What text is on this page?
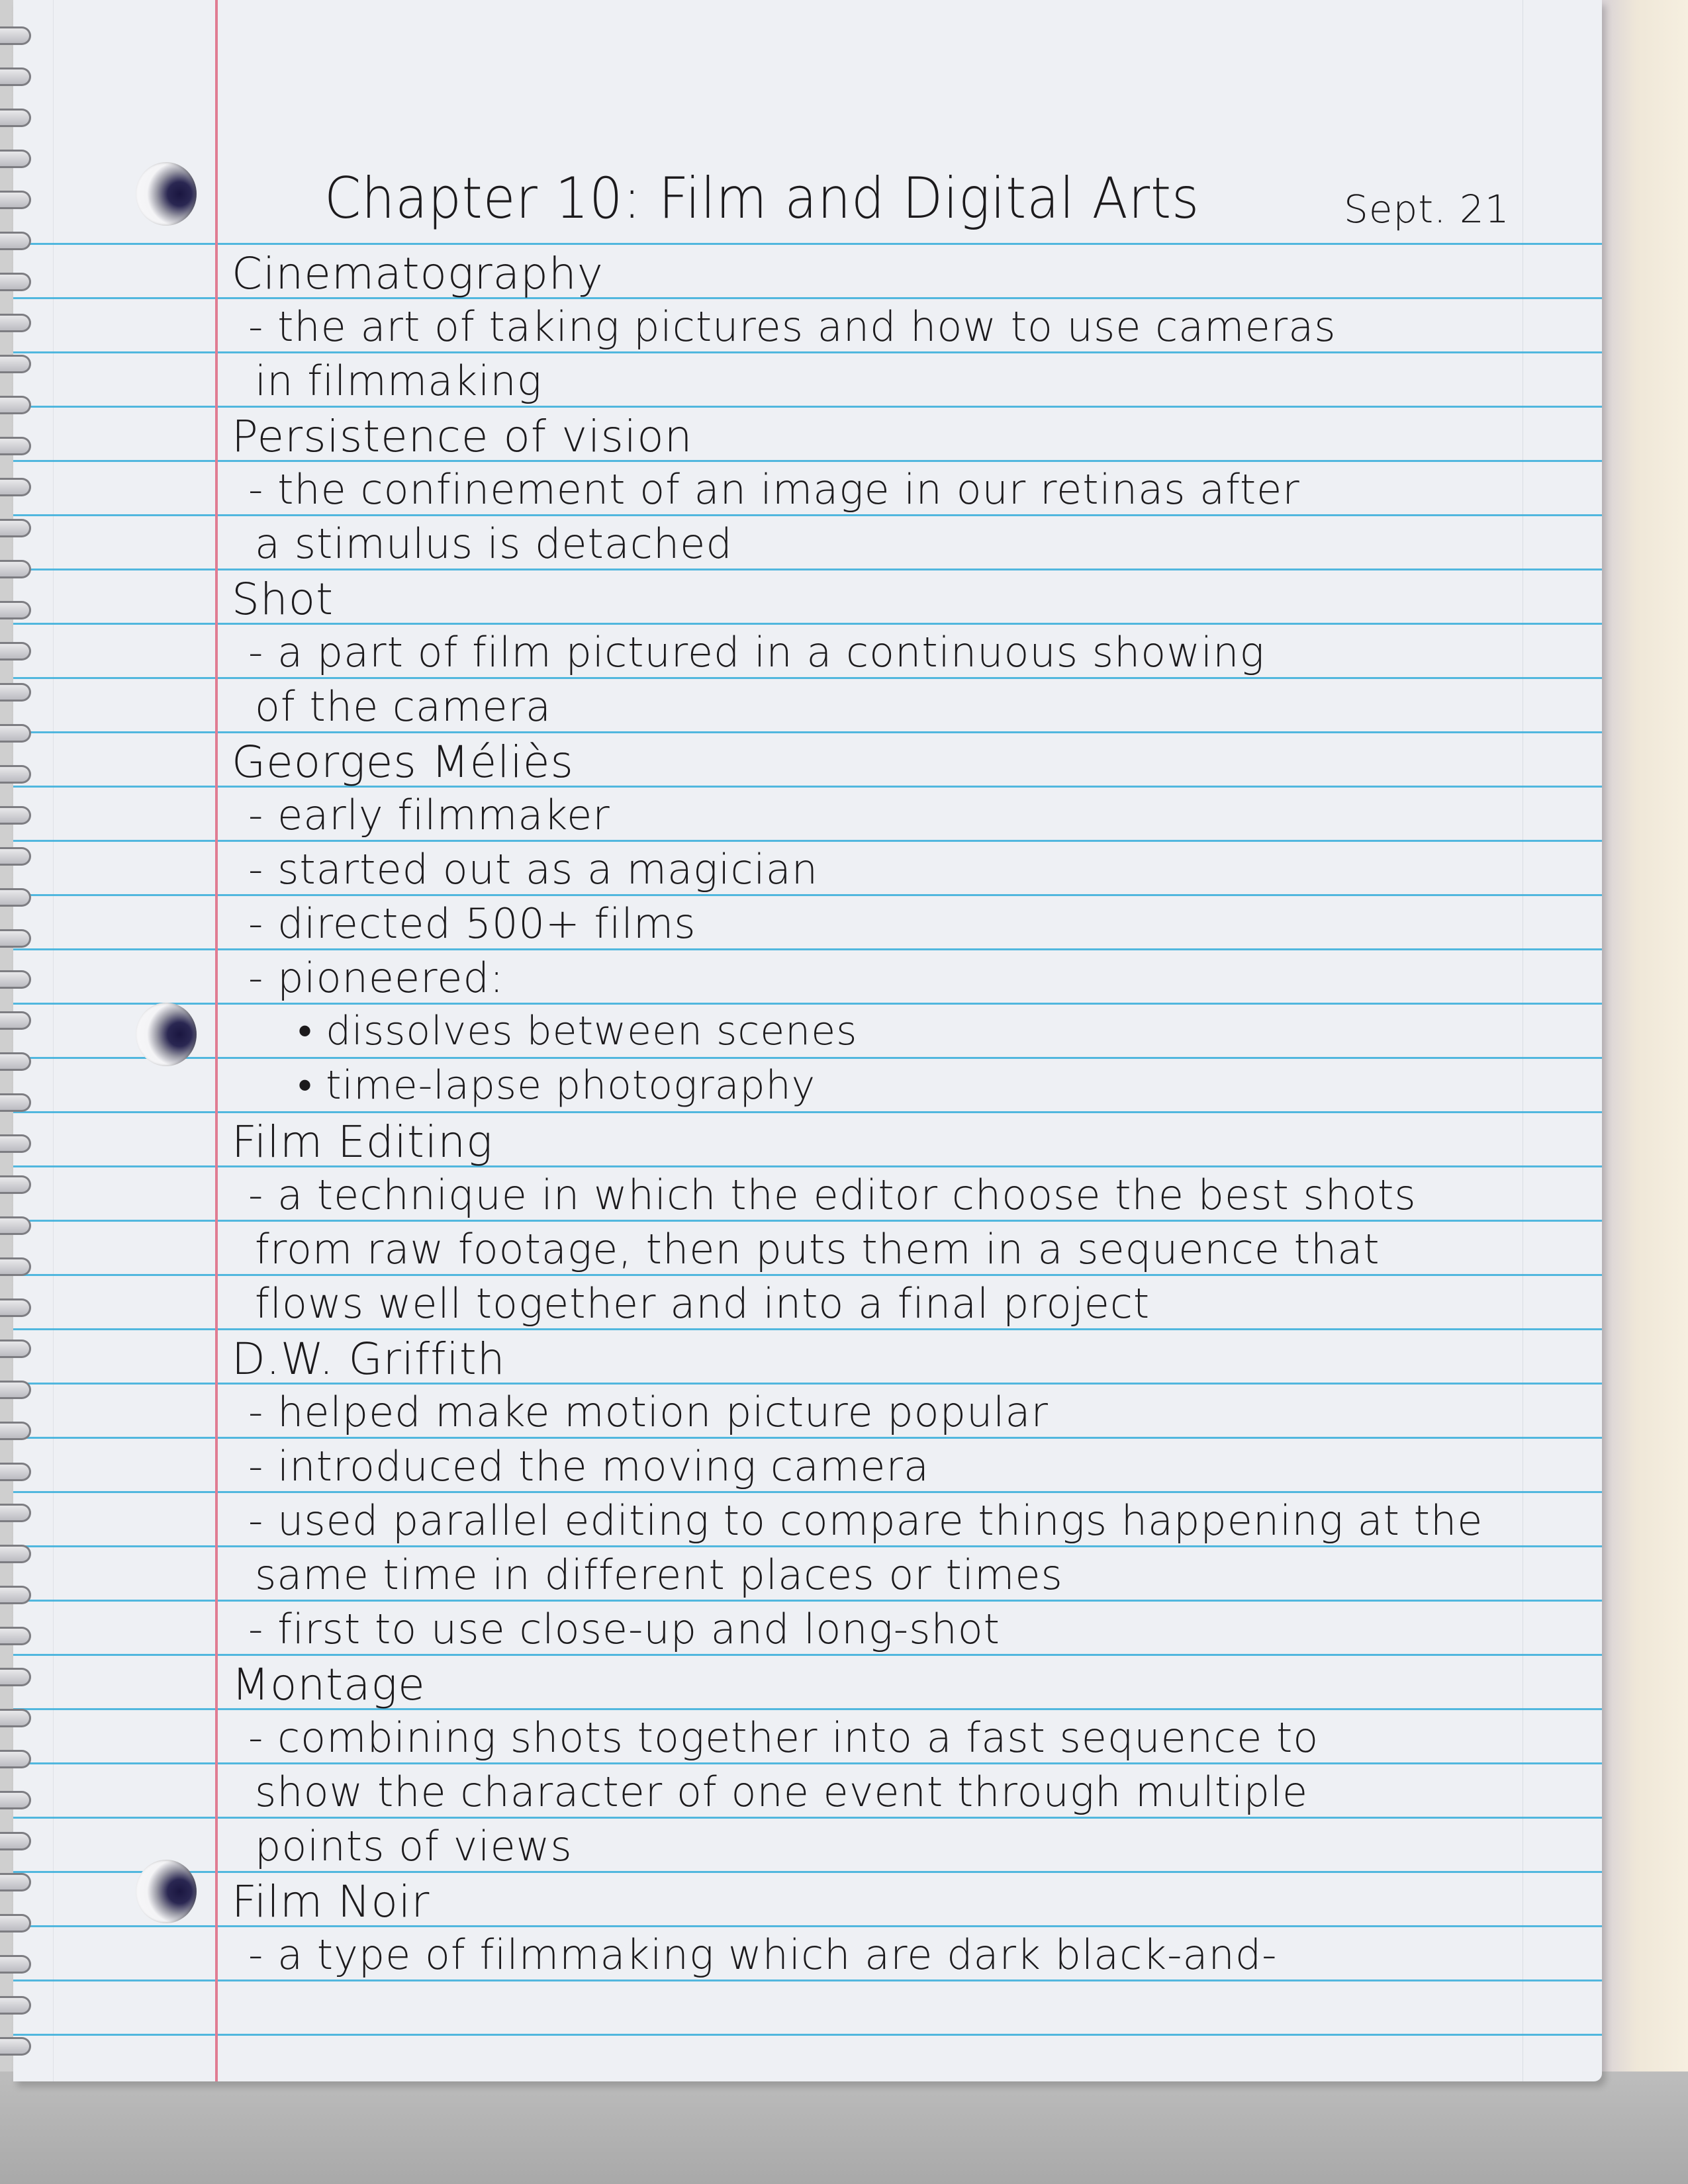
Chapter 10: Film and Digital Arts	Sept. 21
Cinematography
- the art of taking pictures and how to use cameras
in filmmaking
Persistence of vision
- the confinement of an image in our retinas after
a stimulus is detached
Shot
- a part of film pictured in a continuous showing
of the camera
Georges Méliès
- early filmmaker
- started out as a magician
- directed 500+ films
- pioneered:
• dissolves between scenes
• time-lapse photography
Film Editing
- a technique in which the editor choose the best shots
from raw footage, then puts them in a sequence that
flows well together and into a final project
D.W. Griffith
- helped make motion picture popular
- introduced the moving camera
- used parallel editing to compare things happening at the
same time in different places or times
- first to use close-up and long-shot
Montage
- combining shots together into a fast sequence to
show the character of one event through multiple
points of views
Film Noir
- a type of filmmaking which are dark black-and-
